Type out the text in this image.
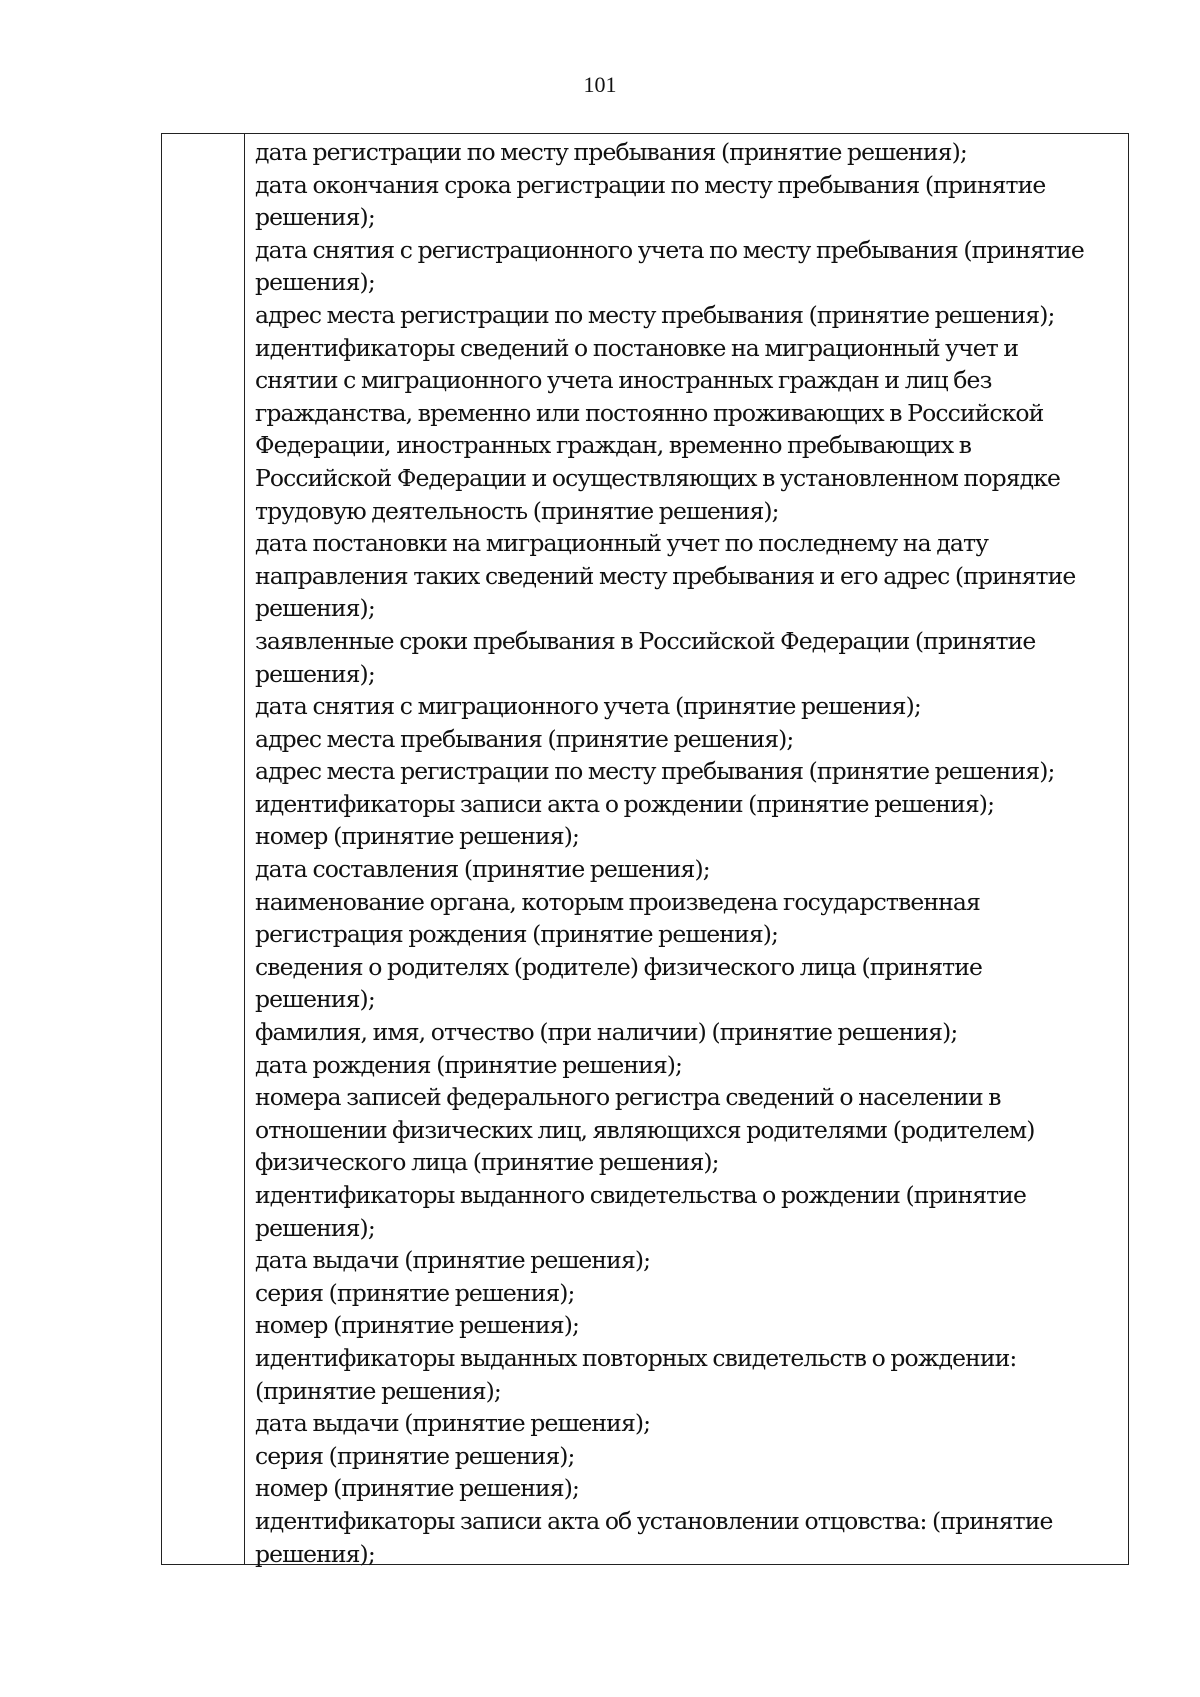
101
дата регистрации по месту пребывания (принятие решения);
дата окончания срока регистрации по месту пребывания (принятие
решения);
дата снятия с регистрационного учета по месту пребывания (принятие
решения);
адрес места регистрации по месту пребывания (принятие решения);
идентификаторы сведений о постановке на миграционный учет и
снятии с миграционного учета иностранных граждан и лиц без
гражданства, временно или постоянно проживающих в Российской
Федерации, иностранных граждан, временно пребывающих в
Российской Федерации и осуществляющих в установленном порядке
трудовую деятельность (принятие решения);
дата постановки на миграционный учет по последнему на дату
направления таких сведений месту пребывания и его адрес (принятие
решения);
заявленные сроки пребывания в Российской Федерации (принятие
решения);
дата снятия с миграционного учета (принятие решения);
адрес места пребывания (принятие решения);
адрес места регистрации по месту пребывания (принятие решения);
идентификаторы записи акта о рождении (принятие решения);
номер (принятие решения);
дата составления (принятие решения);
наименование органа, которым произведена государственная
регистрация рождения (принятие решения);
сведения о родителях (родителе) физического лица (принятие
решения);
фамилия, имя, отчество (при наличии) (принятие решения);
дата рождения (принятие решения);
номера записей федерального регистра сведений о населении в
отношении физических лиц, являющихся родителями (родителем)
физического лица (принятие решения);
идентификаторы выданного свидетельства о рождении (принятие
решения);
дата выдачи (принятие решения);
серия (принятие решения);
номер (принятие решения);
идентификаторы выданных повторных свидетельств о рождении:
(принятие решения);
дата выдачи (принятие решения);
серия (принятие решения);
номер (принятие решения);
идентификаторы записи акта об установлении отцовства: (принятие
решения);
